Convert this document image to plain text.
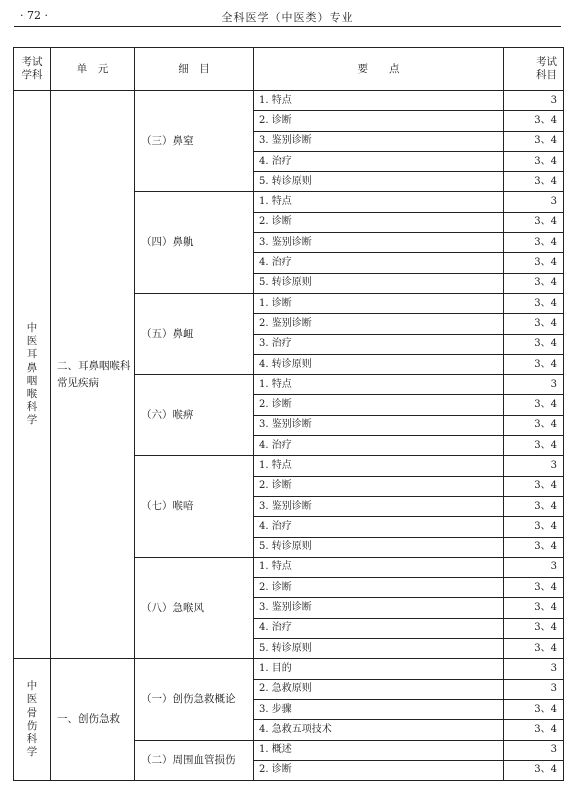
· 72 ·	全科医学（中医类）专业
考试学科	单　元	细　目	要　　点	考试科目
中医耳鼻咽喉科学	二、耳鼻咽喉科常见疾病	（三）鼻窒	1. 特点	3
			2. 诊断	3、4
			3. 鉴别诊断	3、4
			4. 治疗	3、4
			5. 转诊原则	3、4
		（四）鼻鼽	1. 特点	3
			2. 诊断	3、4
			3. 鉴别诊断	3、4
			4. 治疗	3、4
			5. 转诊原则	3、4
		（五）鼻衄	1. 诊断	3、4
			2. 鉴别诊断	3、4
			3. 治疗	3、4
			4. 转诊原则	3、4
		（六）喉痹	1. 特点	3
			2. 诊断	3、4
			3. 鉴别诊断	3、4
			4. 治疗	3、4
		（七）喉喑	1. 特点	3
			2. 诊断	3、4
			3. 鉴别诊断	3、4
			4. 治疗	3、4
			5. 转诊原则	3、4
		（八）急喉风	1. 特点	3
			2. 诊断	3、4
			3. 鉴别诊断	3、4
			4. 治疗	3、4
			5. 转诊原则	3、4
中医骨伤科学	一、创伤急救	（一）创伤急救概论	1. 目的	3
			2. 急救原则	3
			3. 步骤	3、4
			4. 急救五项技术	3、4
		（二）周围血管损伤	1. 概述	3
			2. 诊断	3、4
